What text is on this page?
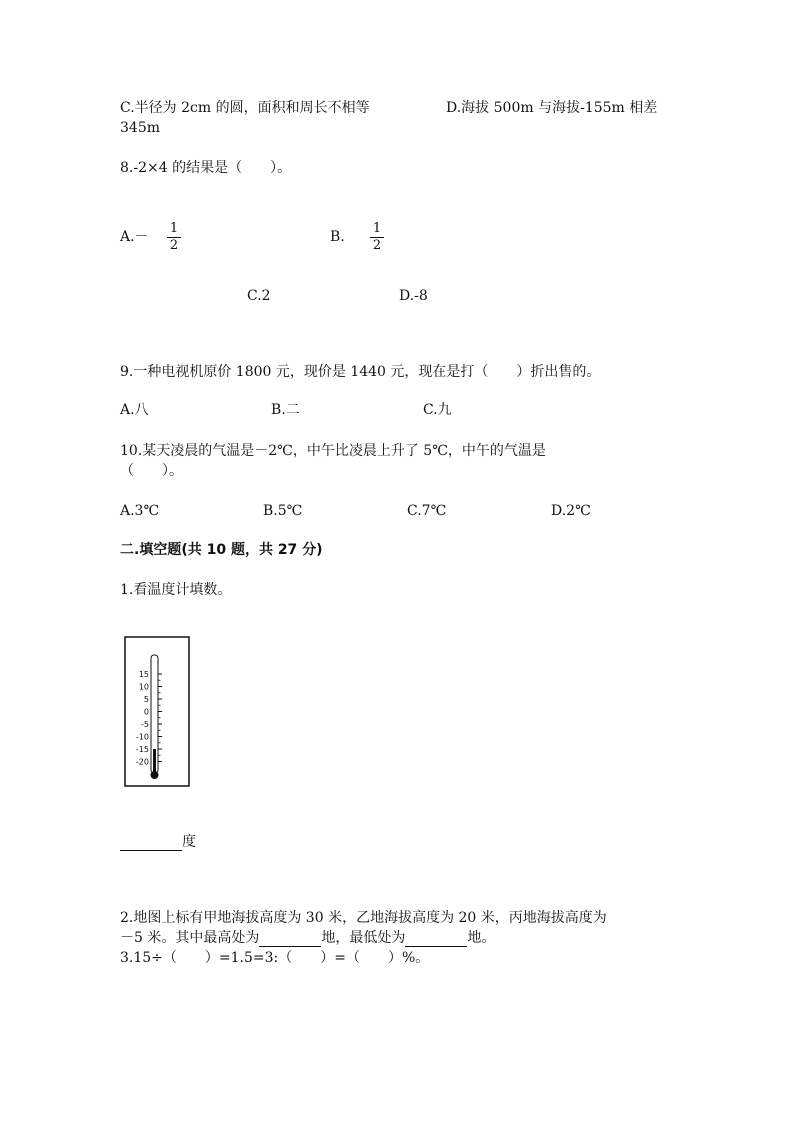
C.半径为 2cm 的圆，面积和周长不相等	D.海拔 500m 与海拔-155m 相差
345m
8.-2×4 的结果是（　　）。
A.－
1
2
B.
1
2
C.2	D.-8
9.一种电视机原价 1800 元，现价是 1440 元，现在是打（　　）折出售的。
A.八	B.二	C.九
10.某天凌晨的气温是－2℃，中午比凌晨上升了 5℃，中午的气温是
（　　）。
A.3℃	B.5℃	C.7℃	D.2℃
二.填空题(共 10 题，共 27 分)
1.看温度计填数。
15
10
5
0
-5
-10
-15
-20
度
2.地图上标有甲地海拔高度为 30 米，乙地海拔高度为 20 米，丙地海拔高度为
－5 米。其中最高处为	地，最低处为	地。
3.15÷（　　）=1.5=3:（　　）=（　　）%。
